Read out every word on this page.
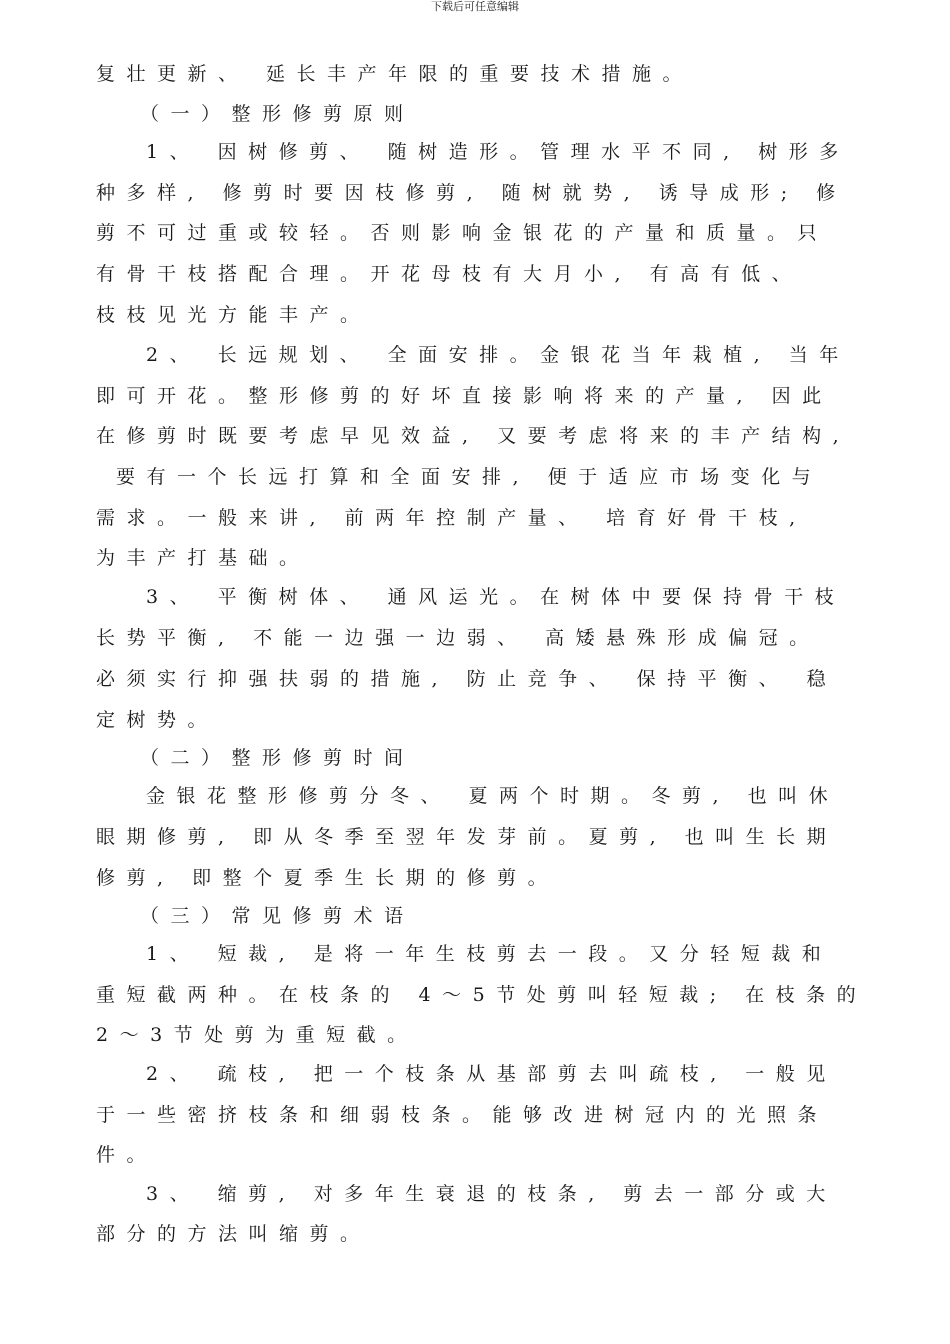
下载后可任意编辑
复壮更新、 延长丰产年限的重要技术措施。
（一）整形修剪原则
1、 因树修剪、 随树造形。管理水平不同, 树形多
种多样, 修剪时要因枝修剪, 随树就势, 诱导成形; 修
剪不可过重或较轻。否则影响金银花的产量和质量。只
有骨干枝搭配合理。开花母枝有大月小, 有高有低、
枝枝见光方能丰产。
2、 长远规划、 全面安排。金银花当年栽植, 当年
即可开花。整形修剪的好坏直接影响将来的产量, 因此
在修剪时既要考虑早见效益, 又要考虑将来的丰产结构,
要有一个长远打算和全面安排, 便于适应市场变化与
需求。一般来讲, 前两年控制产量、 培育好骨干枝,
为丰产打基础。
3、 平衡树体、 通风运光。在树体中要保持骨干枝
长势平衡, 不能一边强一边弱、 高矮悬殊形成偏冠。
必须实行抑强扶弱的措施, 防止竞争、 保持平衡、 稳
定树势。
（二）整形修剪时间
金银花整形修剪分冬、 夏两个时期。冬剪, 也叫休
眼期修剪, 即从冬季至翌年发芽前。夏剪, 也叫生长期
修剪, 即整个夏季生长期的修剪。
（三）常见修剪术语
1、 短裁, 是将一年生枝剪去一段。又分轻短裁和
重短截两种。在枝条的 4～5节处剪叫轻短裁; 在枝条的
2～3节处剪为重短截。
2、 疏枝, 把一个枝条从基部剪去叫疏枝, 一般见
于一些密挤枝条和细弱枝条。能够改进树冠内的光照条
件。
3、 缩剪, 对多年生衰退的枝条, 剪去一部分或大
部分的方法叫缩剪。
